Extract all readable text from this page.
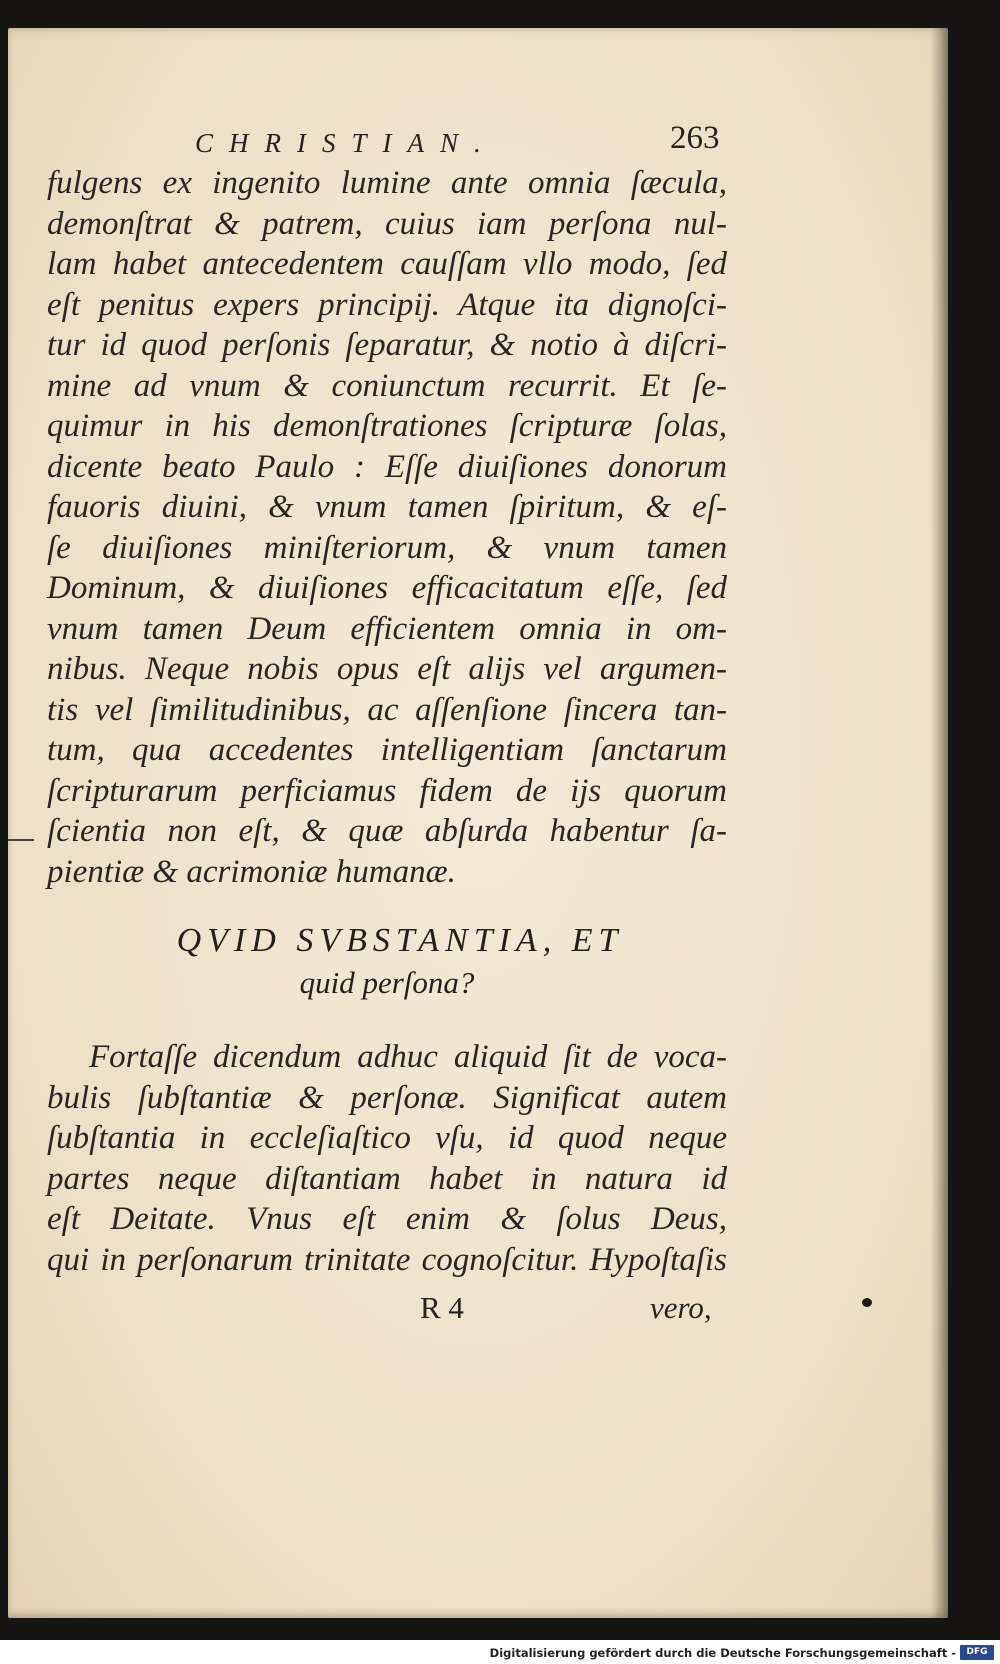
CHRISTIAN.	263
fulgens ex ingenito lumine ante omnia ſæcula,
demonſtrat & patrem, cuius iam perſona nul-
lam habet antecedentem cauſſam vllo modo, ſed
eſt penitus expers principij. Atque ita dignoſci-
tur id quod perſonis ſeparatur, & notio à diſcri-
mine ad vnum & coniunctum recurrit. Et ſe-
quimur in his demonſtrationes ſcripturæ ſolas,
dicente beato Paulo : Eſſe diuiſiones donorum
fauoris diuini, & vnum tamen ſpiritum, & eſ-
ſe diuiſiones miniſteriorum, & vnum tamen
Dominum, & diuiſiones efficacitatum eſſe, ſed
vnum tamen Deum efficientem omnia in om-
nibus. Neque nobis opus eſt alijs vel argumen-
tis vel ſimilitudinibus, ac aſſenſione ſincera tan-
tum, qua accedentes intelligentiam ſanctarum
ſcripturarum perficiamus fidem de ijs quorum
ſcientia non eſt, & quæ abſurda habentur ſa-
pientiæ & acrimoniæ humanæ.
QVID SVBSTANTIA, ET
quid perſona?
Fortaſſe dicendum adhuc aliquid ſit de voca-
bulis ſubſtantiæ & perſonæ. Significat autem
ſubſtantia in eccleſiaſtico vſu, id quod neque
partes neque diſtantiam habet in natura id
eſt Deitate. Vnus eſt enim & ſolus Deus,
qui in perſonarum trinitate cognoſcitur. Hypoſtaſis
R 4	vero,
Digitalisierung gefördert durch die Deutsche Forschungsgemeinschaft -	DFG
